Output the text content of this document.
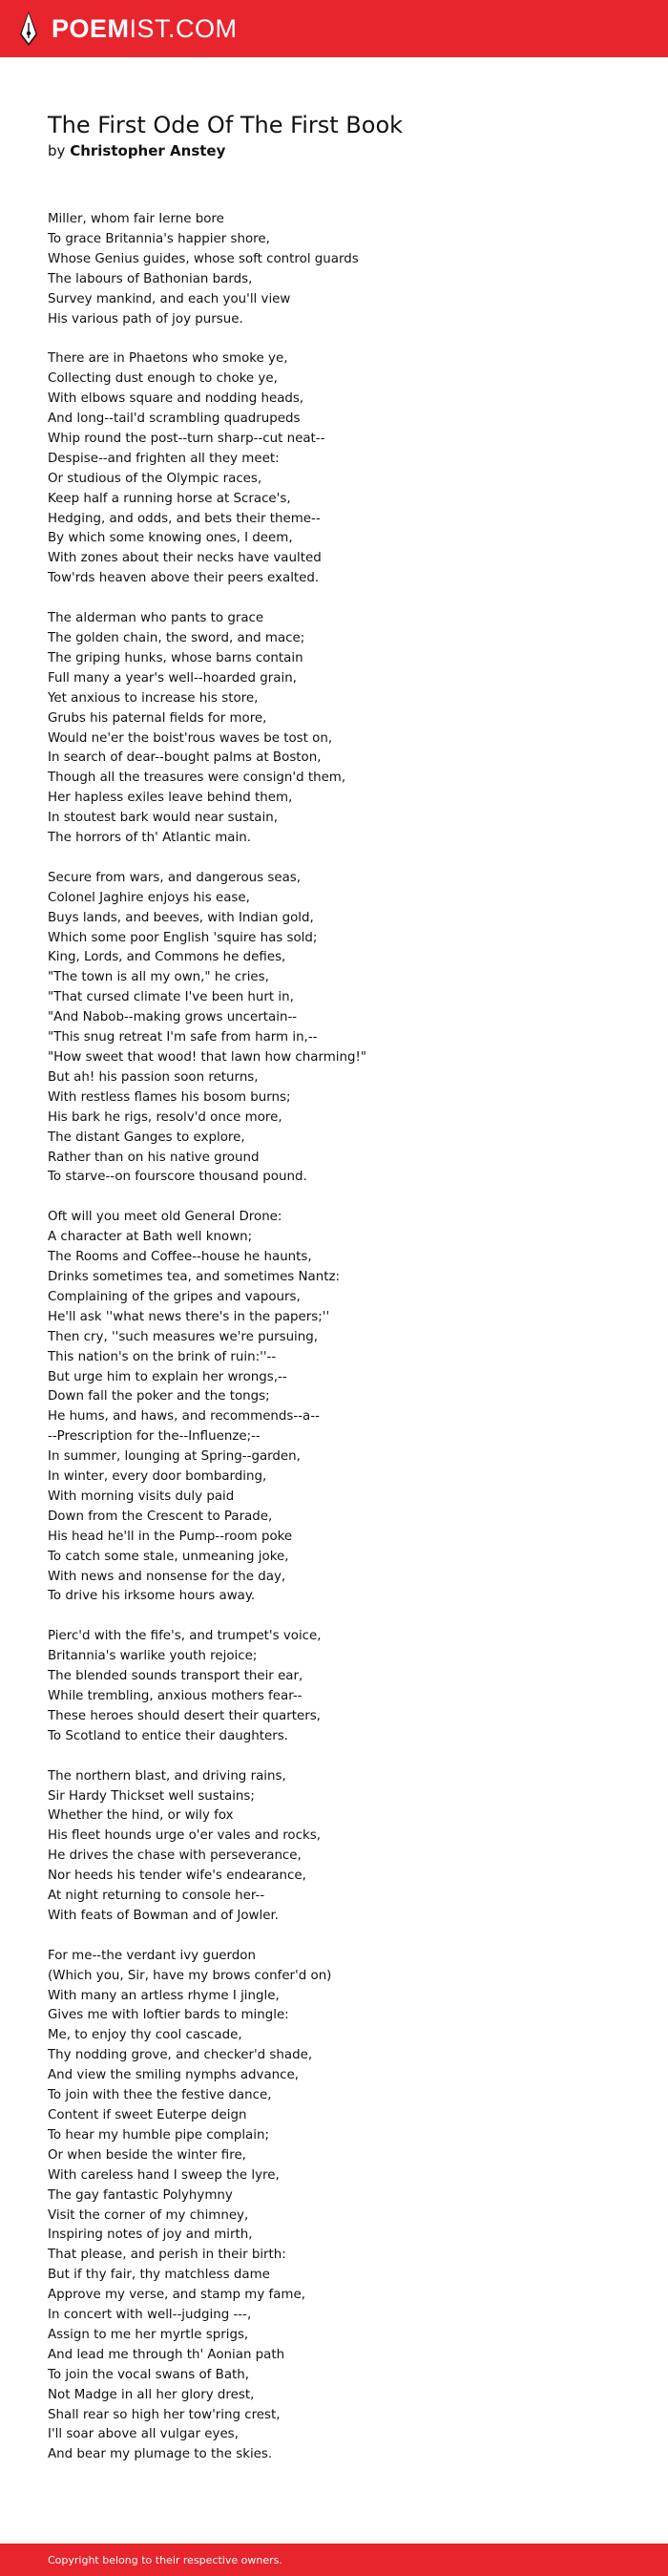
POEMIST.COM
The First Ode Of The First Book
by Christopher Anstey
Miller, whom fair Ierne bore
To grace Britannia's happier shore,
Whose Genius guides, whose soft control guards
The labours of Bathonian bards,
Survey mankind, and each you'll view
His various path of joy pursue.
There are in Phaetons who smoke ye,
Collecting dust enough to choke ye,
With elbows square and nodding heads,
And long--tail'd scrambling quadrupeds
Whip round the post--turn sharp--cut neat--
Despise--and frighten all they meet:
Or studious of the Olympic races,
Keep half a running horse at Scrace's,
Hedging, and odds, and bets their theme--
By which some knowing ones, I deem,
With zones about their necks have vaulted
Tow'rds heaven above their peers exalted.
The alderman who pants to grace
The golden chain, the sword, and mace;
The griping hunks, whose barns contain
Full many a year's well--hoarded grain,
Yet anxious to increase his store,
Grubs his paternal fields for more,
Would ne'er the boist'rous waves be tost on,
In search of dear--bought palms at Boston,
Though all the treasures were consign'd them,
Her hapless exiles leave behind them,
In stoutest bark would near sustain,
The horrors of th' Atlantic main.
Secure from wars, and dangerous seas,
Colonel Jaghire enjoys his ease,
Buys lands, and beeves, with Indian gold,
Which some poor English 'squire has sold;
King, Lords, and Commons he defies,
"The town is all my own," he cries,
"That cursed climate I've been hurt in,
"And Nabob--making grows uncertain--
"This snug retreat I'm safe from harm in,--
"How sweet that wood! that lawn how charming!"
But ah! his passion soon returns,
With restless flames his bosom burns;
His bark he rigs, resolv'd once more,
The distant Ganges to explore,
Rather than on his native ground
To starve--on fourscore thousand pound.
Oft will you meet old General Drone:
A character at Bath well known;
The Rooms and Coffee--house he haunts,
Drinks sometimes tea, and sometimes Nantz:
Complaining of the gripes and vapours,
He'll ask ''what news there's in the papers;''
Then cry, ''such measures we're pursuing,
This nation's on the brink of ruin:''--
But urge him to explain her wrongs,--
Down fall the poker and the tongs;
He hums, and haws, and recommends--a--
--Prescription for the--Influenze;--
In summer, lounging at Spring--garden,
In winter, every door bombarding,
With morning visits duly paid
Down from the Crescent to Parade,
His head he'll in the Pump--room poke
To catch some stale, unmeaning joke,
With news and nonsense for the day,
To drive his irksome hours away.
Pierc'd with the fife's, and trumpet's voice,
Britannia's warlike youth rejoice;
The blended sounds transport their ear,
While trembling, anxious mothers fear--
These heroes should desert their quarters,
To Scotland to entice their daughters.
The northern blast, and driving rains,
Sir Hardy Thickset well sustains;
Whether the hind, or wily fox
His fleet hounds urge o'er vales and rocks,
He drives the chase with perseverance,
Nor heeds his tender wife's endearance,
At night returning to console her--
With feats of Bowman and of Jowler.
For me--the verdant ivy guerdon
(Which you, Sir, have my brows confer'd on)
With many an artless rhyme I jingle,
Gives me with loftier bards to mingle:
Me, to enjoy thy cool cascade,
Thy nodding grove, and checker'd shade,
And view the smiling nymphs advance,
To join with thee the festive dance,
Content if sweet Euterpe deign
To hear my humble pipe complain;
Or when beside the winter fire,
With careless hand I sweep the lyre,
The gay fantastic Polyhymny
Visit the corner of my chimney,
Inspiring notes of joy and mirth,
That please, and perish in their birth:
But if thy fair, thy matchless dame
Approve my verse, and stamp my fame,
In concert with well--judging ---,
Assign to me her myrtle sprigs,
And lead me through th' Aonian path
To join the vocal swans of Bath,
Not Madge in all her glory drest,
Shall rear so high her tow'ring crest,
I'll soar above all vulgar eyes,
And bear my plumage to the skies.
Copyright belong to their respective owners.
